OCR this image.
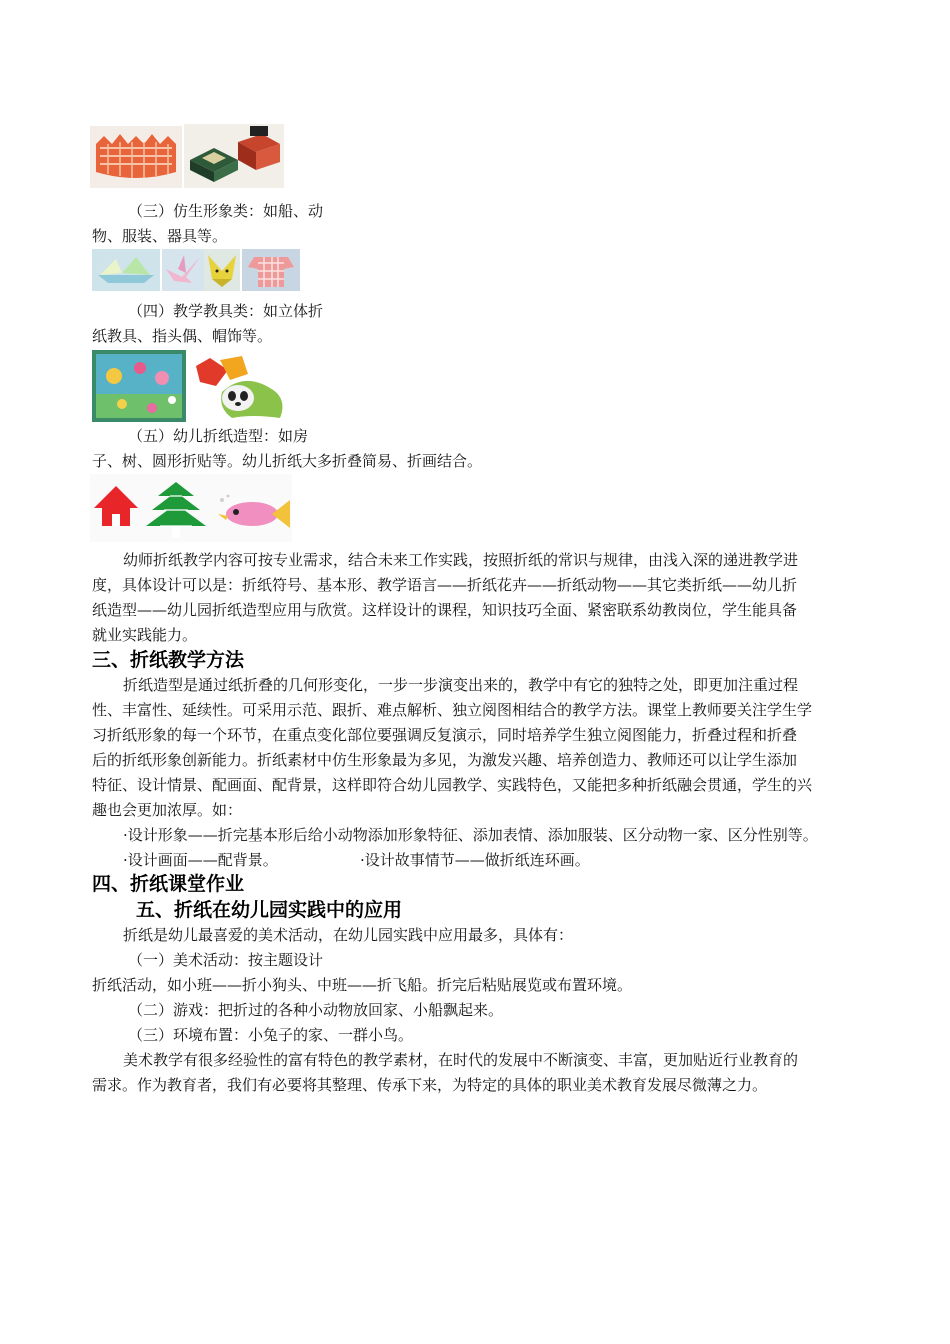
（三）仿生形象类：如船、动
物、服装、器具等。
（四）教学教具类：如立体折
纸教具、指头偶、帽饰等。
（五）幼儿折纸造型：如房
子、树、圆形折贴等。幼儿折纸大多折叠简易、折画结合。
幼师折纸教学内容可按专业需求，结合未来工作实践，按照折纸的常识与规律，由浅入深的递进教学进
度，具体设计可以是：折纸符号、基本形、教学语言——折纸花卉——折纸动物——其它类折纸——幼儿折
纸造型——幼儿园折纸造型应用与欣赏。这样设计的课程，知识技巧全面、紧密联系幼教岗位，学生能具备
就业实践能力。
三、折纸教学方法
折纸造型是通过纸折叠的几何形变化，一步一步演变出来的，教学中有它的独特之处，即更加注重过程
性、丰富性、延续性。可采用示范、跟折、难点解析、独立阅图相结合的教学方法。课堂上教师要关注学生学
习折纸形象的每一个环节，在重点变化部位要强调反复演示，同时培养学生独立阅图能力，折叠过程和折叠
后的折纸形象创新能力。折纸素材中仿生形象最为多见，为激发兴趣、培养创造力、教师还可以让学生添加
特征、设计情景、配画面、配背景，这样即符合幼儿园教学、实践特色，又能把多种折纸融会贯通，学生的兴
趣也会更加浓厚。如：
·设计形象——折完基本形后给小动物添加形象特征、添加表情、添加服装、区分动物一家、区分性别等。
·设计画面——配背景。	·设计故事情节——做折纸连环画。
四、折纸课堂作业
五、折纸在幼儿园实践中的应用
折纸是幼儿最喜爱的美术活动，在幼儿园实践中应用最多，具体有：
（一）美术活动：按主题设计
折纸活动，如小班——折小狗头、中班——折飞船。折完后粘贴展览或布置环境。
（二）游戏：把折过的各种小动物放回家、小船飘起来。
（三）环境布置：小兔子的家、一群小鸟。
美术教学有很多经验性的富有特色的教学素材，在时代的发展中不断演变、丰富，更加贴近行业教育的
需求。作为教育者，我们有必要将其整理、传承下来，为特定的具体的职业美术教育发展尽微薄之力。
